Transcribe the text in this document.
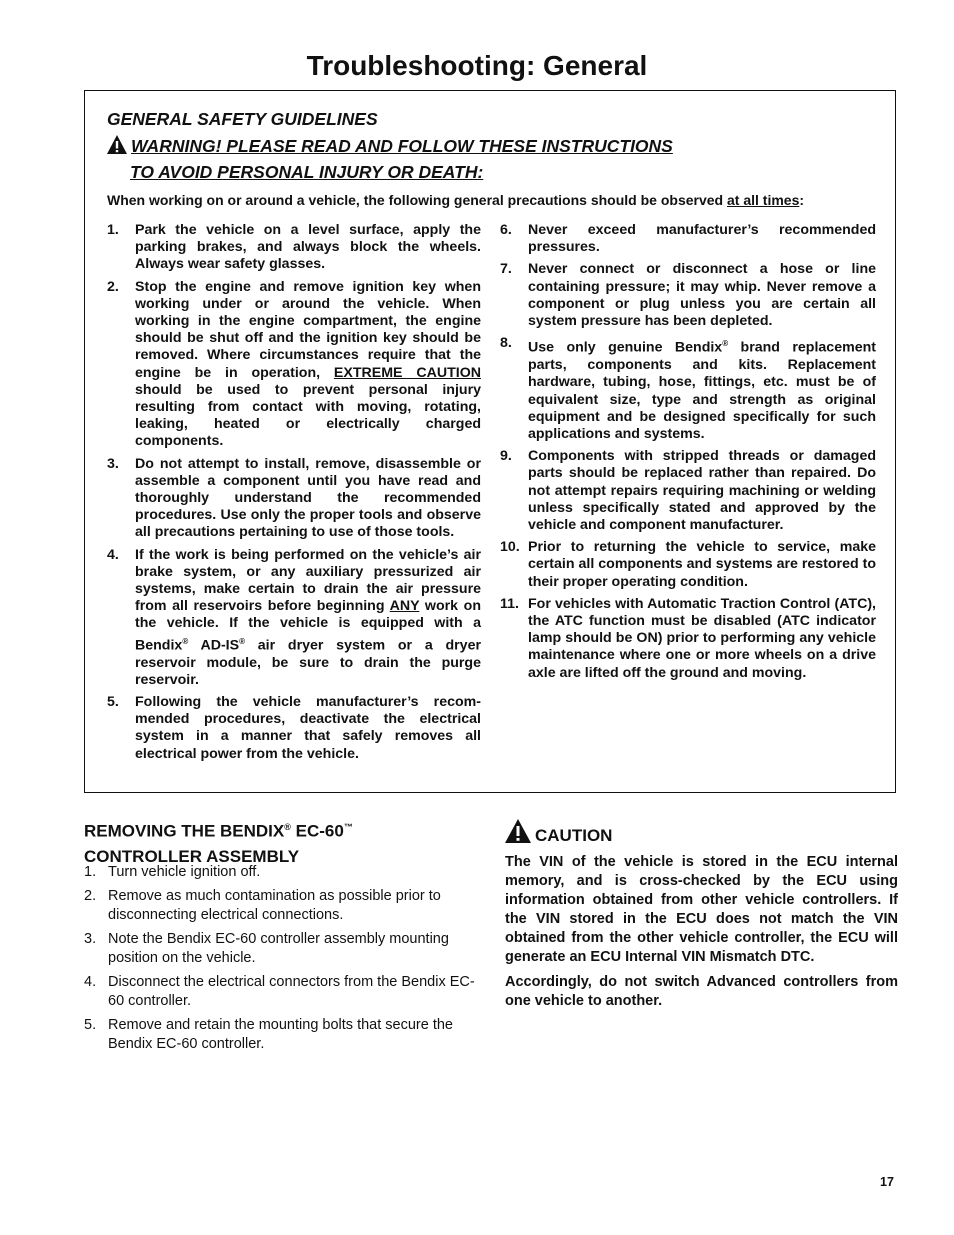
Troubleshooting: General
GENERAL SAFETY GUIDELINES
WARNING! PLEASE READ AND FOLLOW THESE INSTRUCTIONS
TO AVOID PERSONAL INJURY OR DEATH:
When working on or around a vehicle, the following general precautions should be observed at all times:
1.	Park the vehicle on a level surface, apply the parking brakes, and always block the wheels. Always wear safety glasses.
2.	Stop the engine and remove ignition key when working under or around the vehicle. When working in the engine compartment, the engine should be shut off and the ignition key should be removed. Where circumstances require that the engine be in operation, EXTREME CAUTION should be used to prevent personal injury resulting from contact with moving, rotating, leaking, heated or electrically charged components.
3.	Do not attempt to install, remove, disassemble or assemble a component until you have read and thoroughly understand the recommended procedures. Use only the proper tools and observe all precautions pertaining to use of those tools.
4.	If the work is being performed on the vehicle’s air brake system, or any auxiliary pressurized air systems, make certain to drain the air pressure from all reservoirs before beginning ANY work on the vehicle. If the vehicle is equipped with a Bendix® AD-IS® air dryer system or a dryer reservoir module, be sure to drain the purge reservoir.
5.	Following the vehicle manufacturer’s recom-mended procedures, deactivate the electrical system in a manner that safely removes all electrical power from the vehicle.
6.	Never exceed manufacturer’s recommended pressures.
7.	Never connect or disconnect a hose or line containing pressure; it may whip. Never remove a component or plug unless you are certain all system pressure has been depleted.
8.	Use only genuine Bendix® brand replacement parts, components and kits. Replacement hardware, tubing, hose, fittings, etc. must be of equivalent size, type and strength as original equipment and be designed specifically for such applications and systems.
9.	Components with stripped threads or damaged parts should be replaced rather than repaired. Do not attempt repairs requiring machining or welding unless specifically stated and approved by the vehicle and component manufacturer.
10. Prior to returning the vehicle to service, make certain all components and systems are restored to their proper operating condition.
11. For vehicles with Automatic Traction Control (ATC), the ATC function must be disabled (ATC indicator lamp should be ON) prior to performing any vehicle maintenance where one or more wheels on a drive axle are lifted off the ground and moving.
REMOVING THE BENDIX® EC-60™
CONTROLLER ASSEMBLY
1. Turn vehicle ignition off.
2. Remove as much contamination as possible prior to disconnecting electrical connections.
3. Note the Bendix EC-60 controller assembly mounting position on the vehicle.
4. Disconnect the electrical connectors from the Bendix EC-60 controller.
5. Remove and retain the mounting bolts that secure the Bendix EC-60 controller.
CAUTION

The VIN of the vehicle is stored in the ECU internal memory, and is cross-checked by the ECU using information obtained from other vehicle controllers. If the VIN stored in the ECU does not match the VIN obtained from the other vehicle controller, the ECU will generate an ECU Internal VIN Mismatch DTC.

Accordingly, do not switch Advanced controllers from one vehicle to another.

17
